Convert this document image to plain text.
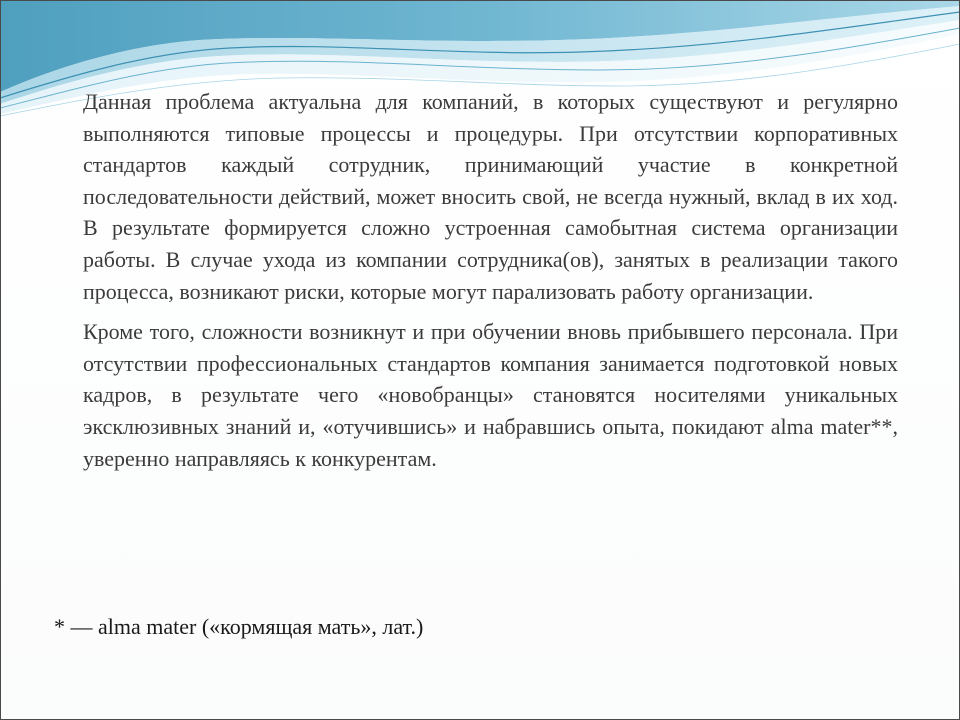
Данная проблема актуальна для компаний, в которых существуют и регулярно выполняются типовые процессы и процедуры. При отсутствии корпоративных стандартов каждый сотрудник, принимающий участие в конкретной последовательности действий, может вносить свой, не всегда нужный, вклад в их ход. В результате формируется сложно устроенная самобытная система организации работы. В случае ухода из компании сотрудника(ов), занятых в реализации такого процесса, возникают риски, которые могут парализовать работу организации.

Кроме того, сложности возникнут и при обучении вновь прибывшего персонала. При отсутствии профессиональных стандартов компания занимается подготовкой новых кадров, в результате чего «новобранцы» становятся носителями уникальных эксклюзивных знаний и, «отучившись» и набравшись опыта, покидают alma mater**, уверенно направляясь к конкурентам.

* — alma mater («кормящая мать», лат.)
